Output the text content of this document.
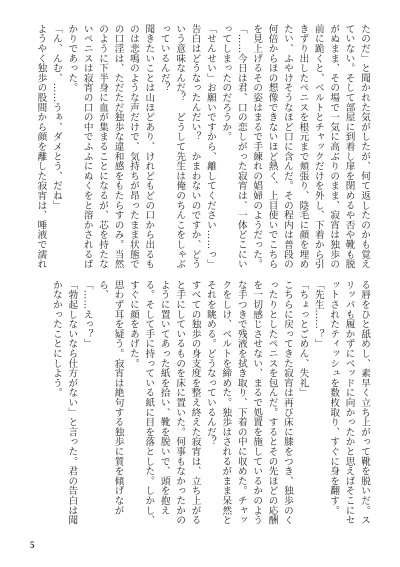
たのだ」と聞かれた気がしたが、何て返したのかも覚えていない。そして部屋に到着し扉を閉めるや否や靴も脱がぬまま、その場で一気に高ぶりのまま、寂宵は独歩の前に跪くと、ベルトとチャックだけを外し、下着から引きずり出したペニスを根元まで頬張り、陰毛に顔を埋めたい、ふやけそうなほど口に含んだ。その程内は普段の何倍からほの想像できないほど熱く、上目使いでこちらを見上げるその姿はまるで手練れの娼婦のようだった。
「……今日は君、口の恋しがった寂宵は、一体どこにいってしまったのだろうか。
「せんせい」お願いですから、離してください……っ」
告白はどうなったんだい？　かまわないのですか、どういう意味なんだ？　どうして先生は俺のちんこをしゃぶっているんだ？
聞きたいことは山ほどあり、けれどもどの口から出るものは悲鳴のような声だけで、気持ちが昂ったまま状態での口淫は、ただただ独歩な違和感をもたらすのみ。当然のように下半身に血が集まることになるが、芯を持たないペニスは寂宵の口の中でふふにぬくをと溶かされるばかりであった。
「ん、んむ、……うぁ、ダメとう、だね」
ようやく独歩の股間から顔を離した寂宵は、唾液で濡れ
る唇をひと舐めし、素早く立ち上がって靴を脱いだ。スリッパも履かずにベッドに向かったかと思えばそこにセットされたティッシュを数枚取り、すぐに身を翻す。
「先生……？」
「ちょっとごめん、失礼」
こちらに戻ってきた寂宵は再び床に膝をつき、独歩のくったりとしたペニスを包んだ。するとその先ほどの応酬を一切感じさせない、まるで処置を施しているかのような手つきで残液を拭き取り、下着の中に収めた。チャックをしけ、ベルトを締めた。独歩はされるがまま呆然とそれを眺める。どうなっているんだ？
すべての独歩の身支度を整え終えた寂宵は、立ち上がると手にしているものを床に置いた。何事もなかったかのように置いてあった紙を拾い、靴を脱いで、頭を抱える。そして手に持っている紙に目を落とした。しかし、すぐに顔をあげた。
思わず耳を疑う。寂宵は絶句する独歩に質を傾げながら、
「……えっ？」
「勃起しないなら仕方がない」と言った。君の告白は聞かなかったことにしよう。
5
